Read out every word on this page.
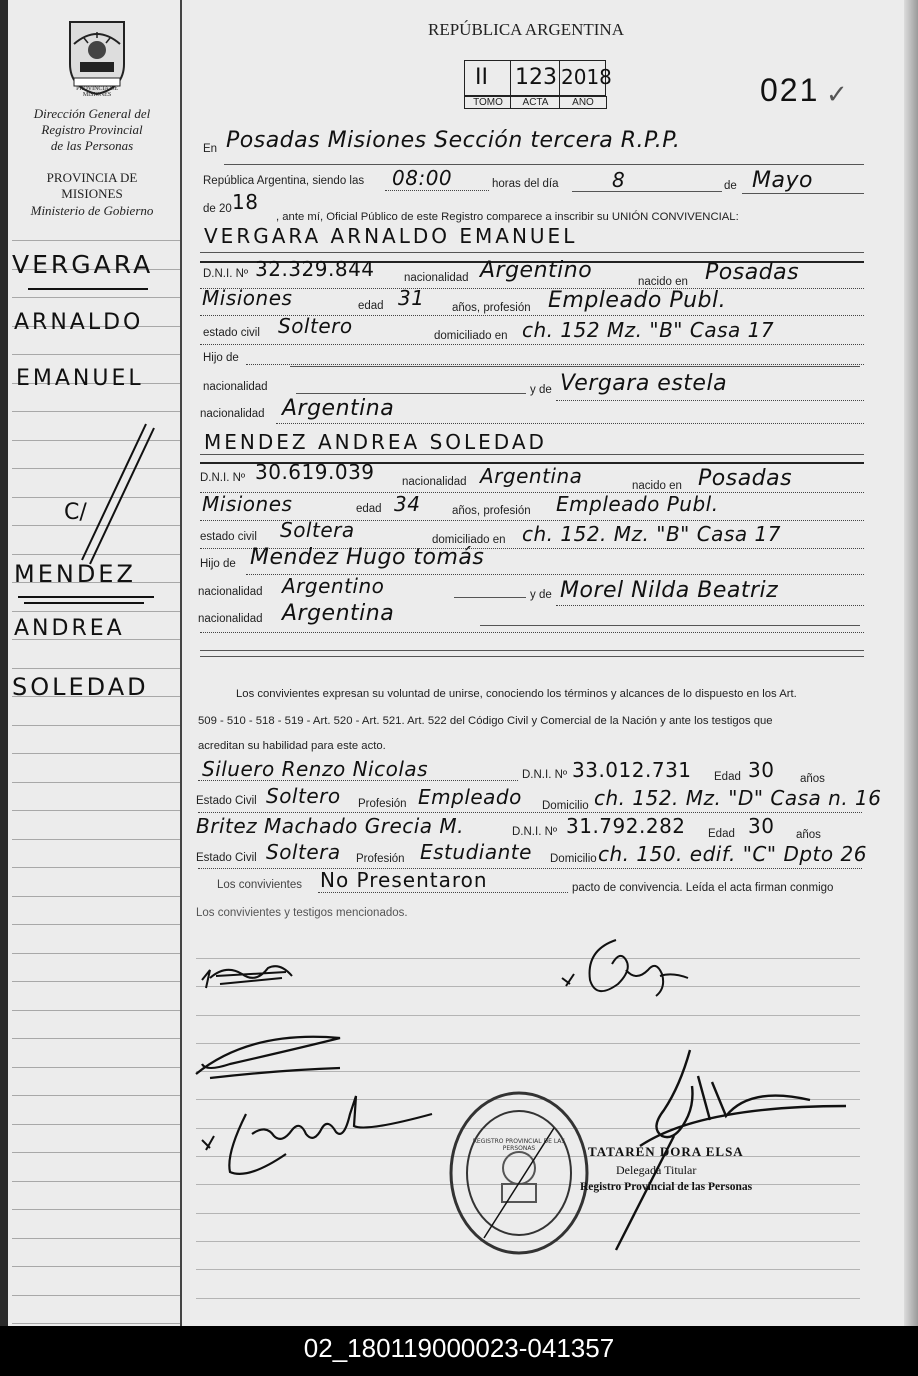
PROVINCIA DE MISIONES
Dirección General del
Registro Provincial
de las Personas
PROVINCIA DE
MISIONES
Ministerio de Gobierno
VERGARA
ARNALDO
EMANUEL
C/
MENDEZ
ANDREA
SOLEDAD
REPÚBLICA ARGENTINA
II 123 2018
TOMO	ACTA	AÑO	021 ✓
En Posadas Misiones Sección tercera R.P.P.
República Argentina, siendo las 08:00	horas del día	8	de Mayo
de 20 18
, ante mí, Oficial Público de este Registro comparece a inscribir su UNIÓN CONVIVENCIAL:
VERGARA ARNALDO EMANUEL
D.N.I. Nº 32.329.844	nacionalidad Argentino	nacido en Posadas
Misiones	edad 31 años, profesión Empleado Publ.
estado civil Soltero	domiciliado en ch. 152 Mz. "B" Casa 17
Hijo de
nacionalidad	y de Vergara estela
nacionalidad Argentina
MENDEZ ANDREA SOLEDAD
D.N.I. Nº 30.619.039 nacionalidad Argentina	nacido en Posadas
Misiones	edad 34	años, profesión Empleado Publ.
estado civil Soltera	domiciliado en ch. 152. Mz. "B" Casa 17
Hijo de Mendez Hugo tomás
nacionalidad Argentino	y de Morel Nilda Beatriz
nacionalidad Argentina
Los convivientes expresan su voluntad de unirse, conociendo los términos y alcances de lo dispuesto en los Art.
509 - 510 - 518 - 519 - Art. 520 - Art. 521. Art. 522 del Código Civil y Comercial de la Nación y ante los testigos que
acreditan su habilidad para este acto.
Siluero Renzo Nicolas	D.N.I. Nº 33.012.731 Edad 30 años
Estado Civil Soltero Profesión Empleado Domicilio ch. 152. Mz. "D" Casa n. 16
Britez Machado Grecia M.	D.N.I. Nº 31.792.282 Edad 30 años
Estado Civil Soltera Profesión Estudiante Domicilio ch. 150. edif. "C" Dpto 26
Los convivientes No Presentaron	pacto de convivencia. Leída el acta firman conmigo
Los convivientes y testigos mencionados.
REGISTRO PROVINCIAL DE LAS PERSONAS	TATAREN DORA ELSA
Delegada Titular
Registro Provincial de las Personas
02_180119000023-041357
